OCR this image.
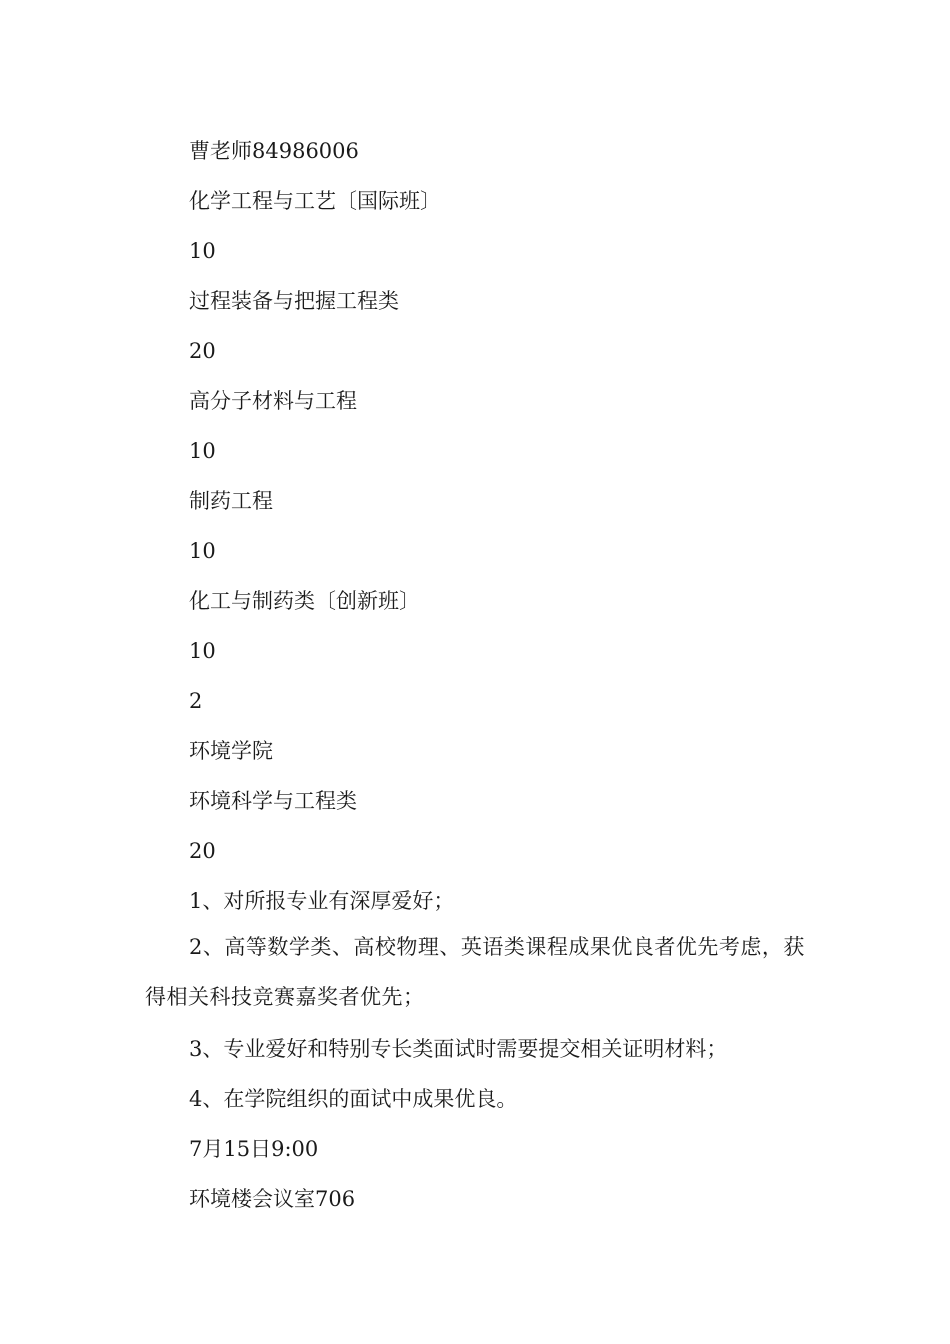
曹老师84986006

化学工程与工艺〔国际班〕

10

过程装备与把握工程类

20

高分子材料与工程

10

制药工程

10

化工与制药类〔创新班〕

10

2

环境学院

环境科学与工程类

20

1、对所报专业有深厚爱好；

2、高等数学类、高校物理、英语类课程成果优良者优先考虑，获得相关科技竞赛嘉奖者优先；

3、专业爱好和特别专长类面试时需要提交相关证明材料；

4、在学院组织的面试中成果优良。

7月15日9:00

环境楼会议室706
